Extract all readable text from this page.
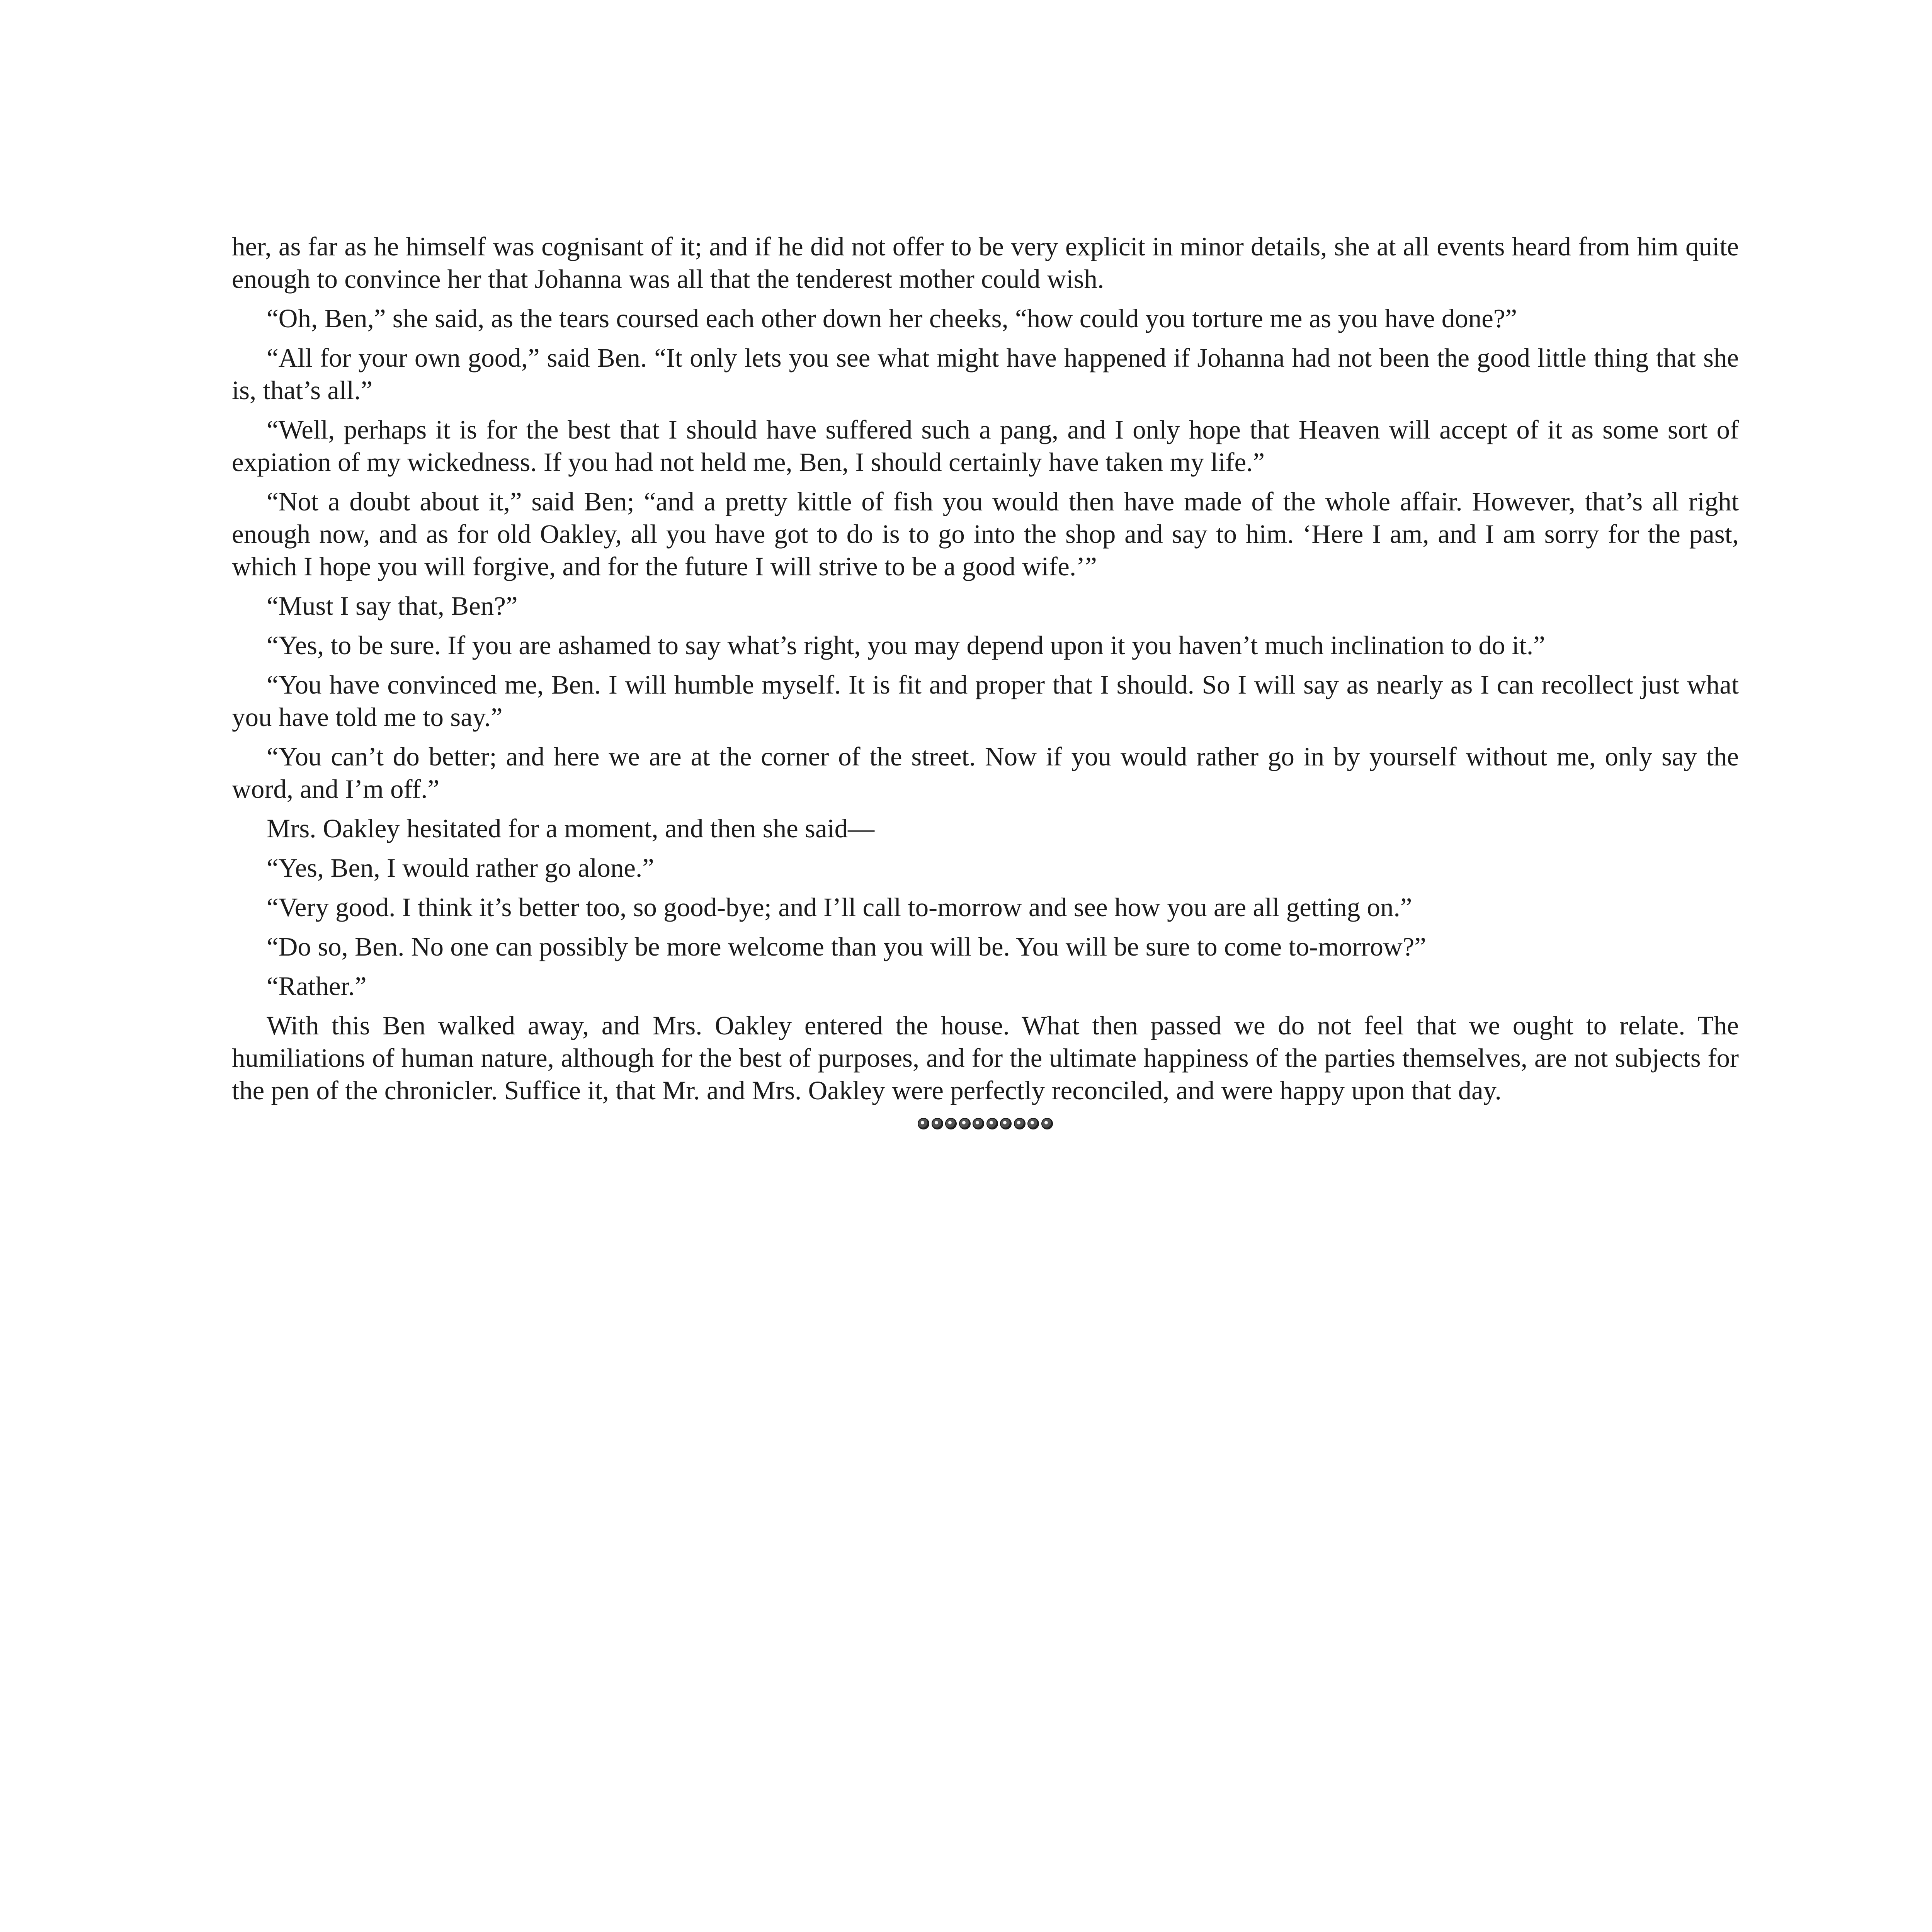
her, as far as he himself was cognisant of it; and if he did not offer to be very explicit in minor details, she at all events heard from him quite enough to convince her that Johanna was all that the tenderest mother could wish.

“Oh, Ben,” she said, as the tears coursed each other down her cheeks, “how could you torture me as you have done?”

“All for your own good,” said Ben. “It only lets you see what might have happened if Johanna had not been the good little thing that she is, that’s all.”

“Well, perhaps it is for the best that I should have suffered such a pang, and I only hope that Heaven will accept of it as some sort of expiation of my wickedness. If you had not held me, Ben, I should certainly have taken my life.”

“Not a doubt about it,” said Ben; “and a pretty kittle of fish you would then have made of the whole affair. However, that’s all right enough now, and as for old Oakley, all you have got to do is to go into the shop and say to him. ‘Here I am, and I am sorry for the past, which I hope you will forgive, and for the future I will strive to be a good wife.’”

“Must I say that, Ben?”

“Yes, to be sure. If you are ashamed to say what’s right, you may depend upon it you haven’t much inclination to do it.”

“You have convinced me, Ben. I will humble myself. It is fit and proper that I should. So I will say as nearly as I can recollect just what you have told me to say.”

“You can’t do better; and here we are at the corner of the street. Now if you would rather go in by yourself without me, only say the word, and I’m off.”

Mrs. Oakley hesitated for a moment, and then she said—

“Yes, Ben, I would rather go alone.”

“Very good. I think it’s better too, so good-bye; and I’ll call to-morrow and see how you are all getting on.”

“Do so, Ben. No one can possibly be more welcome than you will be. You will be sure to come to-morrow?”

“Rather.”

With this Ben walked away, and Mrs. Oakley entered the house. What then passed we do not feel that we ought to relate. The humiliations of human nature, although for the best of purposes, and for the ultimate happiness of the parties themselves, are not subjects for the pen of the chronicler. Suffice it, that Mr. and Mrs. Oakley were perfectly reconciled, and were happy upon that day.
